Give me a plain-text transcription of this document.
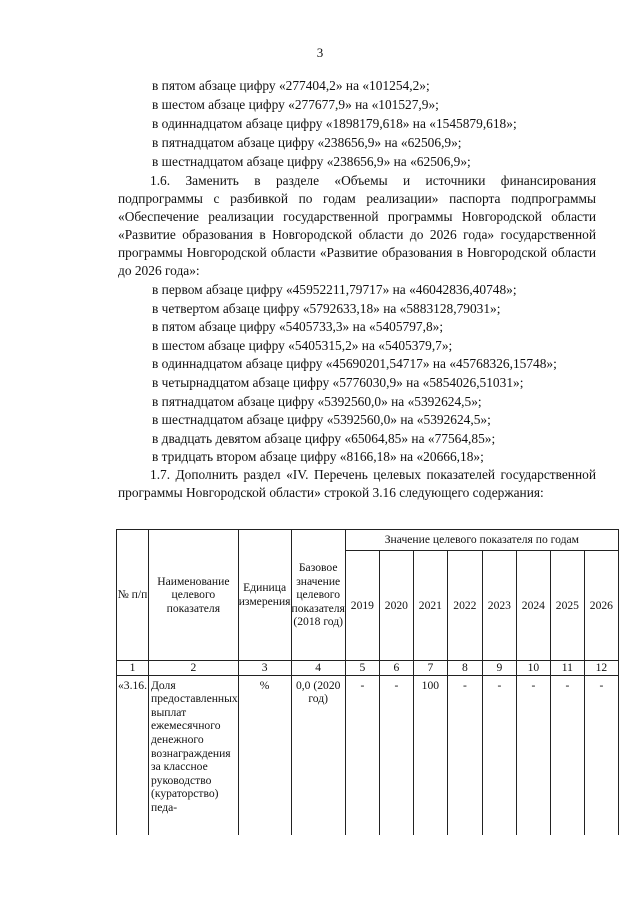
3
в пятом абзаце цифру «277404,2» на «101254,2»;
в шестом абзаце цифру «277677,9» на «101527,9»;
в одиннадцатом абзаце цифру «1898179,618» на «1545879,618»;
в пятнадцатом абзаце цифру «238656,9» на «62506,9»;
в шестнадцатом абзаце цифру «238656,9» на «62506,9»;
1.6. Заменить в разделе «Объемы и источники финансирования подпрограммы с разбивкой по годам реализации» паспорта подпрограммы «Обеспечение реализации государственной программы Новгородской области «Развитие образования в Новгородской области до 2026 года» государственной программы Новгородской области «Развитие образования в Новгородской области до 2026 года»:
в первом абзаце цифру «45952211,79717» на «46042836,40748»;
в четвертом абзаце цифру «5792633,18» на «5883128,79031»;
в пятом абзаце цифру «5405733,3» на «5405797,8»;
в шестом абзаце цифру «5405315,2» на «5405379,7»;
в одиннадцатом абзаце цифру «45690201,54717» на «45768326,15748»;
в четырнадцатом абзаце цифру «5776030,9» на «5854026,51031»;
в пятнадцатом абзаце цифру «5392560,0» на «5392624,5»;
в шестнадцатом абзаце цифру «5392560,0» на «5392624,5»;
в двадцать девятом абзаце цифру «65064,85» на «77564,85»;
в тридцать втором абзаце цифру «8166,18» на «20666,18»;
1.7. Дополнить раздел «IV. Перечень целевых показателей государственной программы Новгородской области» строкой 3.16 следующего содержания:
№ п/п	Наименование целевого показателя	Единица измерения	Базовое значение целевого показателя (2018 год)	Значение целевого показателя по годам							
				2019	2020	2021	2022	2023	2024	2025	2026
1	2	3	4	5	6	7	8	9	10	11	12
«3.16.	Доля предоставленных выплат ежемесячного денежного вознаграждения за классное руководство (кураторство) педа-	%	0,0 (2020 год)	-	-	100	-	-	-	-	-
